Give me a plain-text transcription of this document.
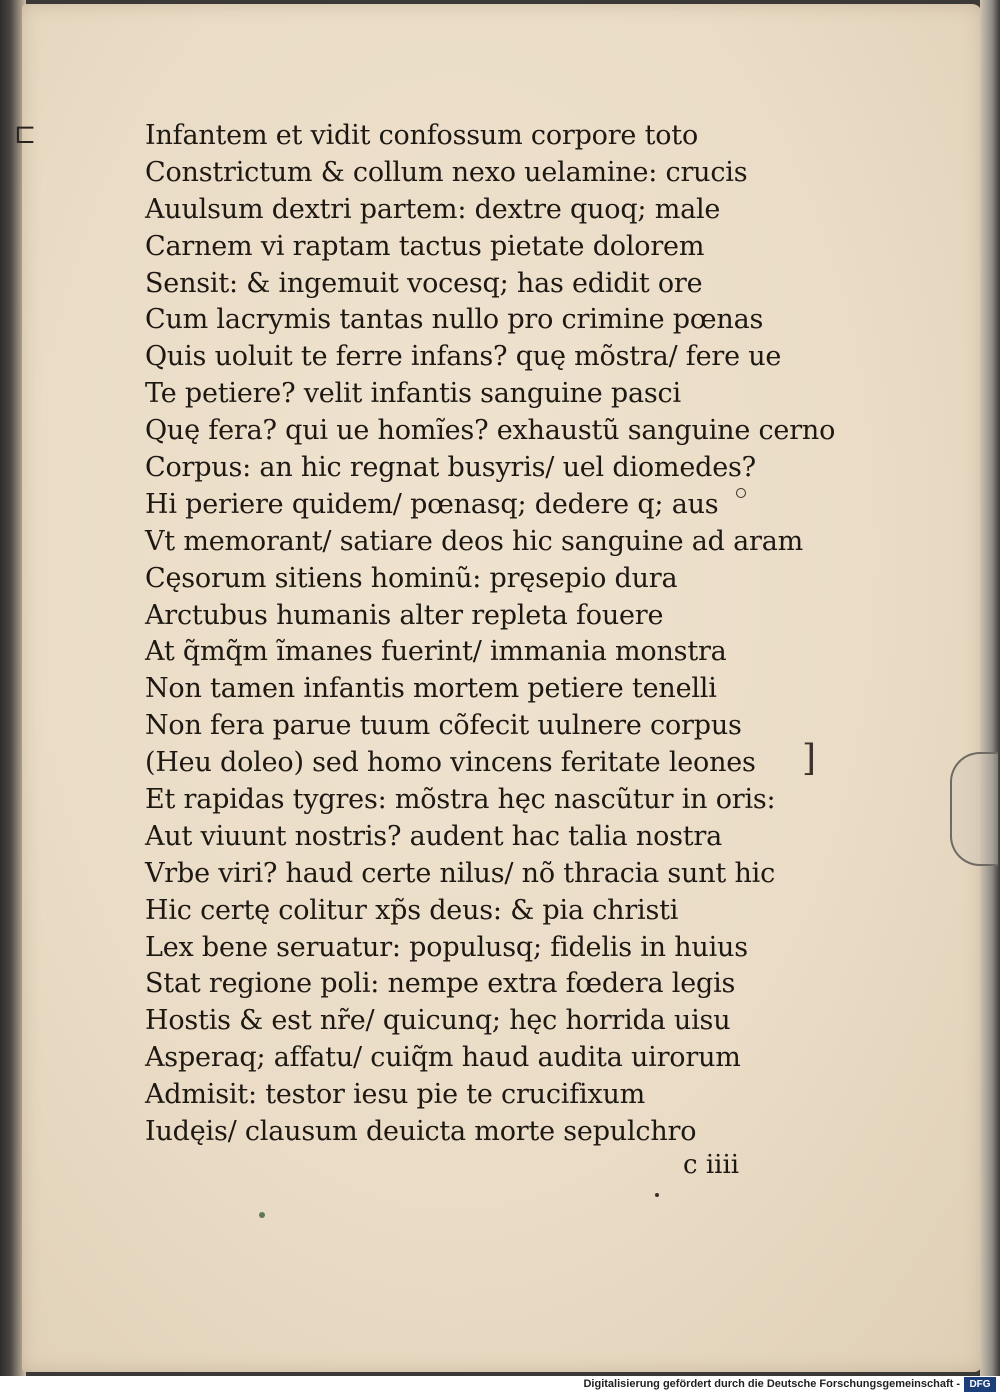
⊏
]
Infantem et vidit confossum corpore toto
Constrictum & collum nexo uelamine: crucis
Auulsum dextri partem: dextre quoq; male
Carnem vi raptam tactus pietate dolorem
Sensit: & ingemuit vocesq; has edidit ore
Cum lacrymis tantas nullo pro crimine pœnas
Quis uoluit te ferre infans? quę mõstra/ fere ue
Te petiere? velit infantis sanguine pasci
Quę fera? qui ue homĩes? exhaustũ sanguine cerno
Corpus: an hic regnat busyris/ uel diomedes?
Hi periere quidem/ pœnasq; dedere q; aus
Vt memorant/ satiare deos hic sanguine ad aram
Cęsorum sitiens hominũ: pręsepio dura
Arctubus humanis alter repleta fouere
At q̃mq̃m ĩmanes fuerint/ immania monstra
Non tamen infantis mortem petiere tenelli
Non fera parue tuum cõfecit uulnere corpus
(Heu doleo) sed homo vincens feritate leones
Et rapidas tygres: mõstra hęc nascũtur in oris:
Aut viuunt nostris? audent hac talia nostra
Vrbe viri? haud certe nilus/ nõ thracia sunt hic
Hic certę colitur xp̃s deus: & pia christi
Lex bene seruatur: populusq; fidelis in huius
Stat regione poli: nempe extra fœdera legis
Hostis & est nr̃e/ quicunq; hęc horrida uisu
Asperaq; affatu/ cuiq̃m haud audita uirorum
Admisit: testor iesu pie te crucifixum
Iudęis/ clausum deuicta morte sepulchro
c iiii
Digitalisierung gefördert durch die Deutsche Forschungsgemeinschaft - DFG
